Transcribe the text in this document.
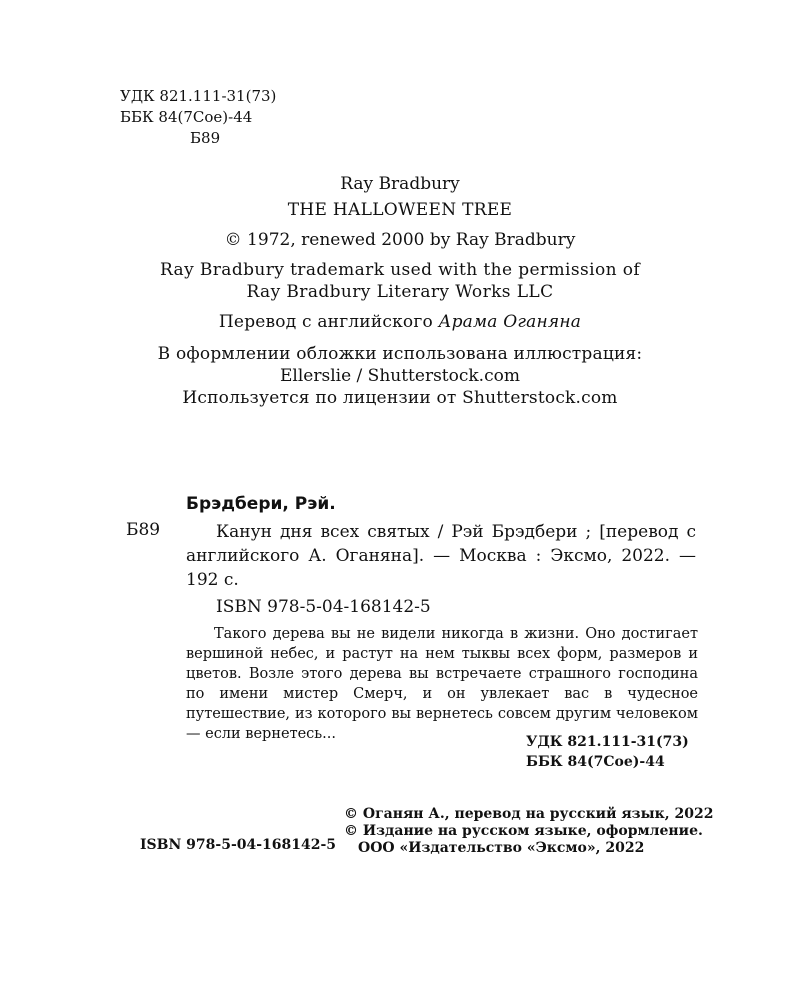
УДК 821.111-31(73)
ББК 84(7Сое)-44
Б89
Ray Bradbury
THE HALLOWEEN TREE
© 1972, renewed 2000 by Ray Bradbury
Ray Bradbury trademark used with the permission of
Ray Bradbury Literary Works LLC
Перевод с английского Арама Оганяна
В оформлении обложки использована иллюстрация:
Ellerslie / Shutterstock.com
Используется по лицензии от Shutterstock.com
Брэдбери, Рэй.
Б89	Канун дня всех святых / Рэй Брэдбери ; [перевод с английского А. Оганяна]. — Москва : Эксмо, 2022. — 192 с.
ISBN 978-5-04-168142-5

Такого дерева вы не видели никогда в жизни. Оно достигает вершиной небес, и растут на нем тыквы всех форм, размеров и цветов. Возле этого дерева вы встречаете страшного господина по имени мистер Смерч, и он увлекает вас в чудесное путешествие, из которого вы вернетесь совсем другим человеком — если вернетесь...	УДК 821.111-31(73)
ББК 84(7Сое)-44
© Оганян А., перевод на русский язык, 2022
© Издание на русском языке, оформление.
ООО «Издательство «Эксмо», 2022
ISBN 978-5-04-168142-5
